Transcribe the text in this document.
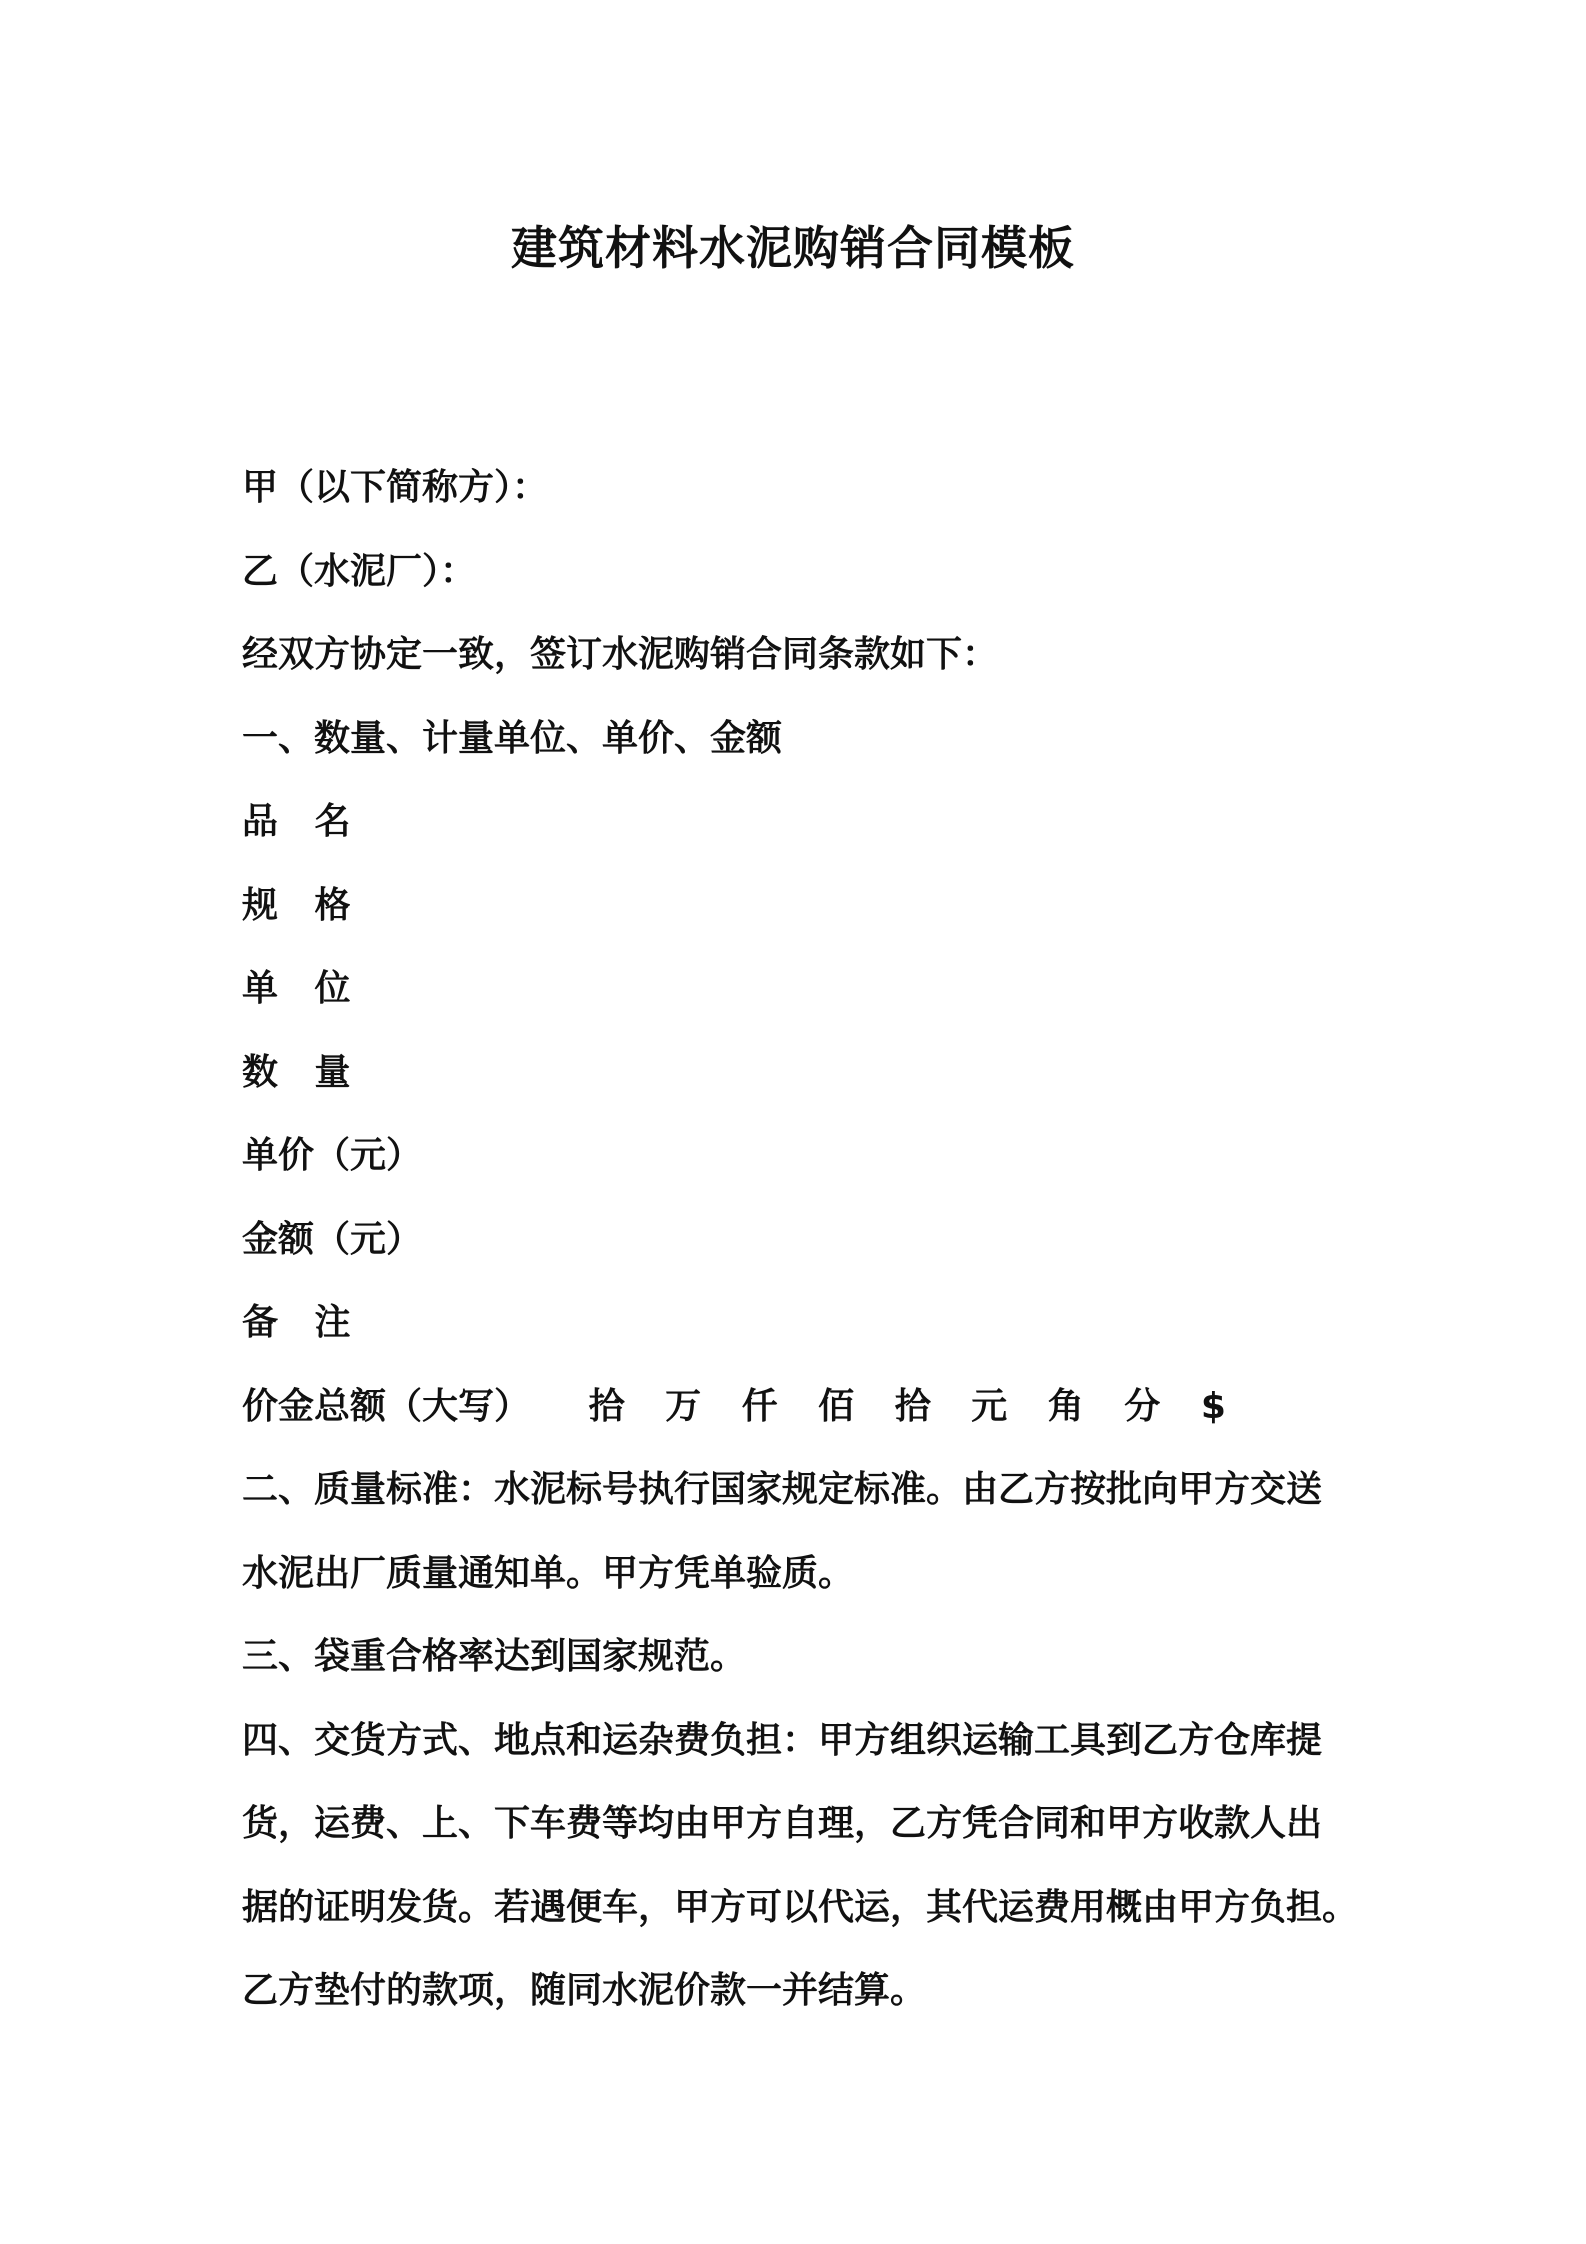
建筑材料水泥购销合同模板

甲（以下简称方）：

乙（水泥厂）：

经双方协定一致，签订水泥购销合同条款如下：

一、数量、计量单位、单价、金额

品 名

规 格

单 位

数 量

单价（元）

金额（元）

备 注

价金总额（大写） 拾 万 仟 佰 拾 元 角 分 $

二、质量标准：水泥标号执行国家规定标准。由乙方按批向甲方交送

水泥出厂质量通知单。甲方凭单验质。

三、袋重合格率达到国家规范。

四、交货方式、地点和运杂费负担：甲方组织运输工具到乙方仓库提

货，运费、上、下车费等均由甲方自理，乙方凭合同和甲方收款人出

据的证明发货。若遇便车，甲方可以代运，其代运费用概由甲方负担。

乙方垫付的款项，随同水泥价款一并结算。
